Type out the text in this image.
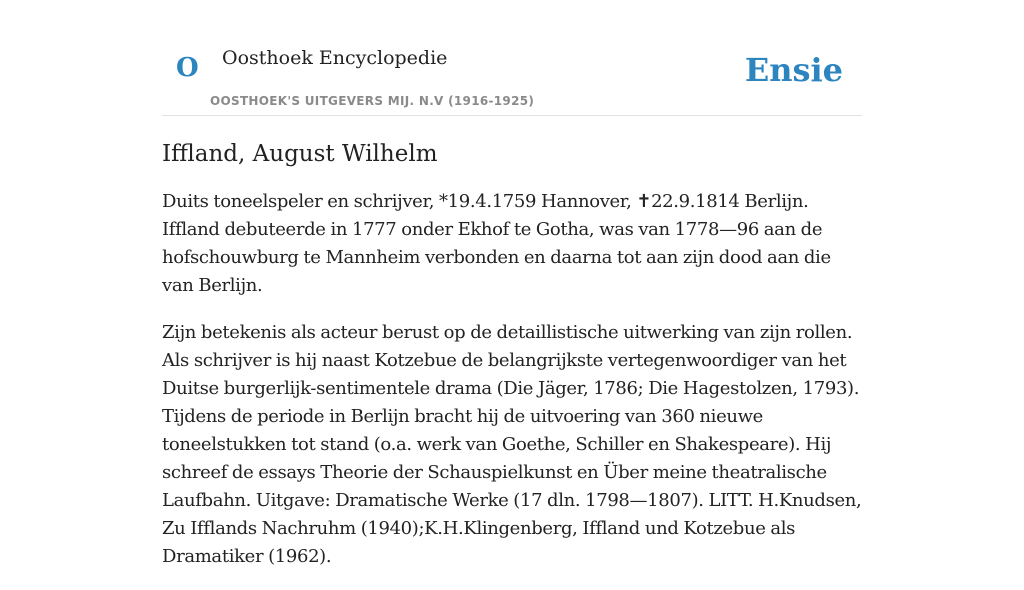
O Oosthoek Encyclopedie
OOSTHOEK'S UITGEVERS MIJ. N.V (1916-1925)
Ensie
Iffland, August Wilhelm

Duits toneelspeler en schrijver, *19.4.1759 Hannover, ✝22.9.1814 Berlijn. Iffland debuteerde in 1777 onder Ekhof te Gotha, was van 1778—96 aan de hofschouwburg te Mannheim verbonden en daarna tot aan zijn dood aan die van Berlijn.

Zijn betekenis als acteur berust op de detaillistische uitwerking van zijn rollen. Als schrijver is hij naast Kotzebue de belangrijkste vertegenwoordiger van het Duitse burgerlijk-sentimentele drama (Die Jäger, 1786; Die Hagestolzen, 1793). Tijdens de periode in Berlijn bracht hij de uitvoering van 360 nieuwe toneelstukken tot stand (o.a. werk van Goethe, Schiller en Shakespeare). Hij schreef de essays Theorie der Schauspielkunst en Über meine theatralische Laufbahn. Uitgave: Dramatische Werke (17 dln. 1798—1807). LITT. H.Knudsen, Zu Ifflands Nachruhm (1940);K.H.Klingenberg, Iffland und Kotzebue als Dramatiker (1962).
